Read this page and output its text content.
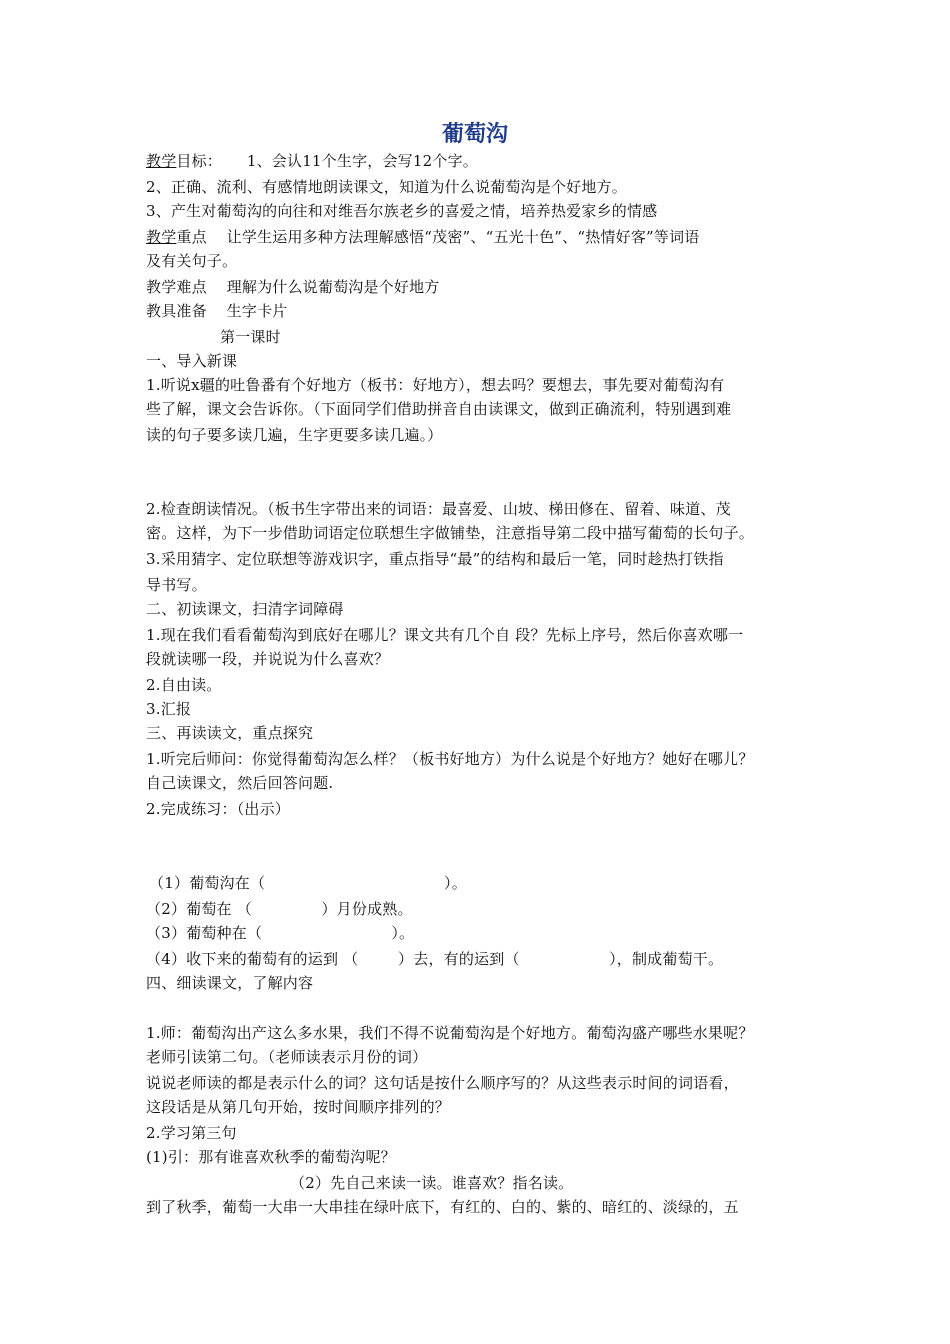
葡萄沟
教学目标：     1、会认11个生字，会写12个字。
2、正确、流利、有感情地朗读课文，知道为什么说葡萄沟是个好地方。
3、产生对葡萄沟的向往和对维吾尔族老乡的喜爱之情，培养热爱家乡的情感
教学重点    让学生运用多种方法理解感悟“茂密”、“五光十色”、“热情好客”等词语
及有关句子。
教学难点    理解为什么说葡萄沟是个好地方
教具准备    生字卡片
第一课时
一、导入新课
1.听说x疆的吐鲁番有个好地方（板书：好地方），想去吗？要想去，事先要对葡萄沟有
些了解，课文会告诉你。（下面同学们借助拼音自由读课文，做到正确流利，特别遇到难
读的句子要多读几遍，生字更要多读几遍。）
2.检查朗读情况。（板书生字带出来的词语：最喜爱、山坡、梯田修在、留着、味道、茂
密。这样，为下一步借助词语定位联想生字做铺垫，注意指导第二段中描写葡萄的长句子。
3.采用猜字、定位联想等游戏识字，重点指导“最”的结构和最后一笔，同时趁热打铁指
导书写。
二、初读课文，扫清字词障碍
1.现在我们看看葡萄沟到底好在哪儿？课文共有几个自 段？先标上序号，然后你喜欢哪一
段就读哪一段，并说说为什么喜欢？
2.自由读。
3.汇报
三、再读读文，重点探究
1.听完后师问：你觉得葡萄沟怎么样？（板书好地方）为什么说是个好地方？她好在哪儿？
自己读课文，然后回答问题.
2.完成练习：（出示）
（1）葡萄沟在（                                    ）。
（2）葡萄在 （              ）月份成熟。
（3）葡萄种在（                          ）。
（4）收下来的葡萄有的运到 （        ）去，有的运到（                  ），制成葡萄干。
四、细读课文，了解内容
1.师：葡萄沟出产这么多水果，我们不得不说葡萄沟是个好地方。葡萄沟盛产哪些水果呢？
老师引读第二句。（老师读表示月份的词）
说说老师读的都是表示什么的词？这句话是按什么顺序写的？从这些表示时间的词语看，
这段话是从第几句开始，按时间顺序排列的？
2.学习第三句
(1)引：那有谁喜欢秋季的葡萄沟呢？
（2）先自己来读一读。谁喜欢？指名读。
到了秋季，葡萄一大串一大串挂在绿叶底下，有红的、白的、紫的、暗红的、淡绿的，五
